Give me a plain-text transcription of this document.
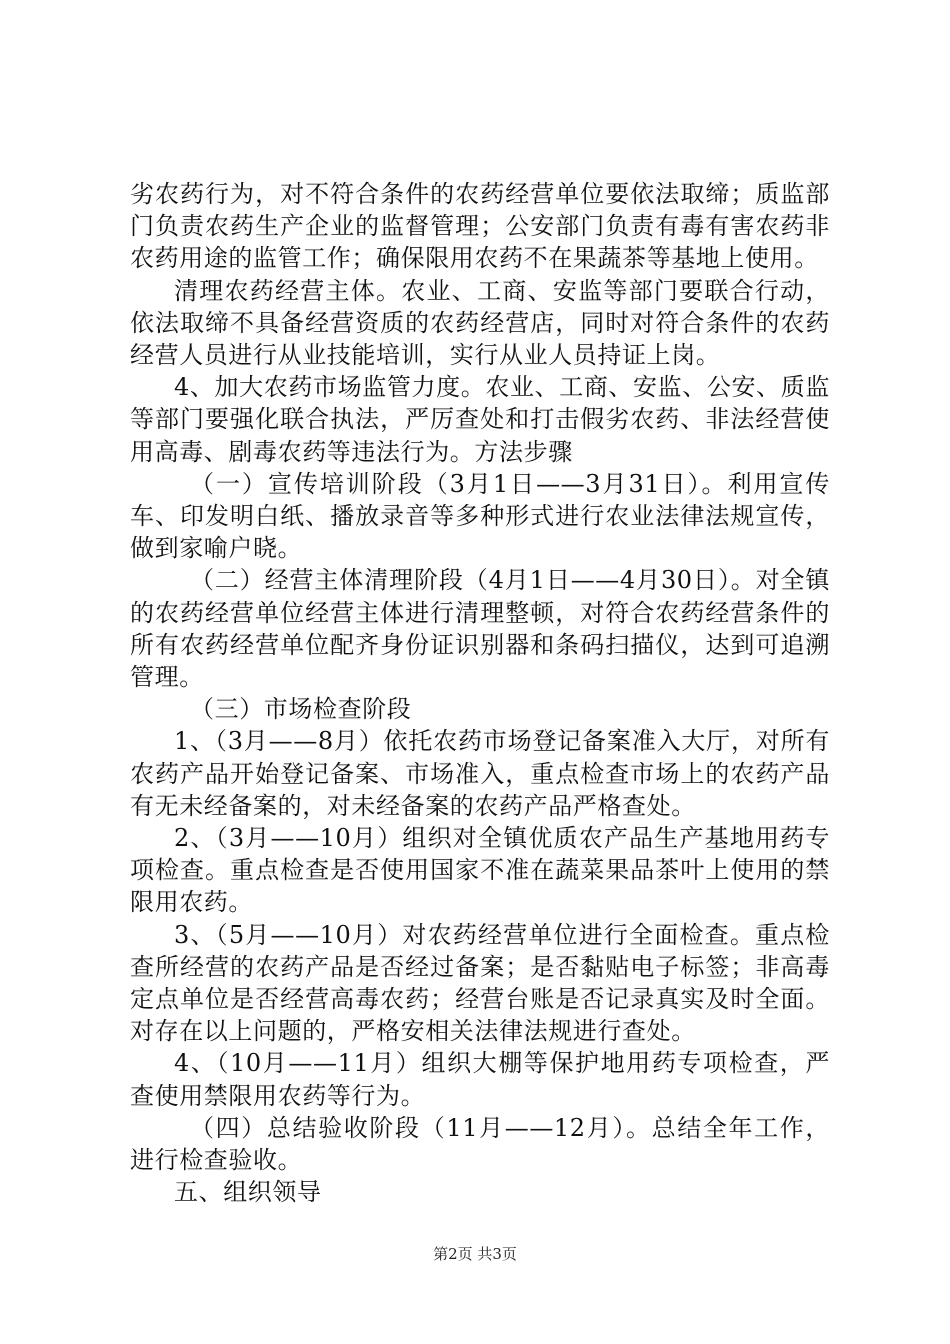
劣农药行为，对不符合条件的农药经营单位要依法取缔；质监部门负责农药生产企业的监督管理；公安部门负责有毒有害农药非农药用途的监管工作；确保限用农药不在果蔬茶等基地上使用。

清理农药经营主体。农业、工商、安监等部门要联合行动，依法取缔不具备经营资质的农药经营店，同时对符合条件的农药经营人员进行从业技能培训，实行从业人员持证上岗。

4、加大农药市场监管力度。农业、工商、安监、公安、质监等部门要强化联合执法，严厉查处和打击假劣农药、非法经营使用高毒、剧毒农药等违法行为。方法步骤

（一）宣传培训阶段（3月1日——3月31日）。利用宣传车、印发明白纸、播放录音等多种形式进行农业法律法规宣传，做到家喻户晓。

（二）经营主体清理阶段（4月1日——4月30日）。对全镇的农药经营单位经营主体进行清理整顿，对符合农药经营条件的所有农药经营单位配齐身份证识别器和条码扫描仪，达到可追溯管理。

（三）市场检查阶段

1、（3月——8月）依托农药市场登记备案准入大厅，对所有农药产品开始登记备案、市场准入，重点检查市场上的农药产品有无未经备案的，对未经备案的农药产品严格查处。

2、（3月——10月）组织对全镇优质农产品生产基地用药专项检查。重点检查是否使用国家不准在蔬菜果品茶叶上使用的禁限用农药。

3、（5月——10月）对农药经营单位进行全面检查。重点检查所经营的农药产品是否经过备案；是否黏贴电子标签；非高毒定点单位是否经营高毒农药；经营台账是否记录真实及时全面。对存在以上问题的，严格安相关法律法规进行查处。

4、（10月——11月）组织大棚等保护地用药专项检查，严查使用禁限用农药等行为。

（四）总结验收阶段（11月——12月）。总结全年工作，进行检查验收。

五、组织领导

第2页 共3页
